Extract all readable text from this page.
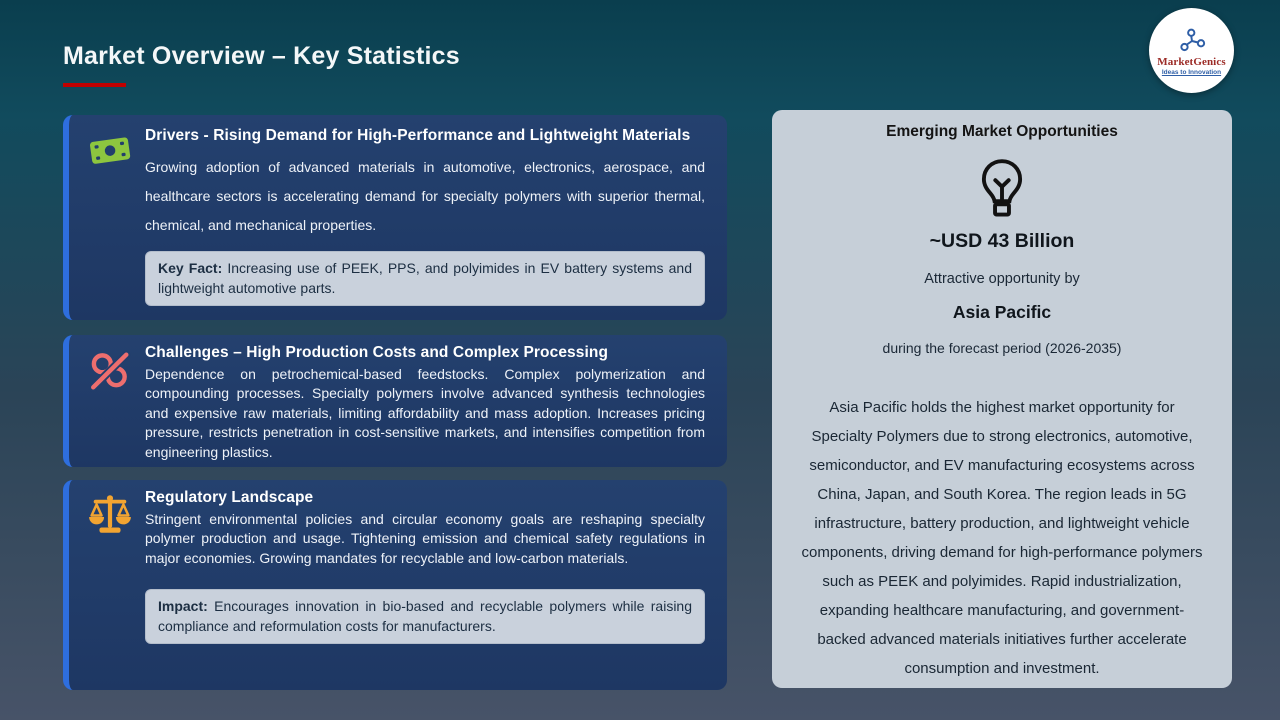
Market Overview – Key Statistics	MarketGenics
Ideas to Innovation
Drivers - Rising Demand for High-Performance and Lightweight Materials
Growing adoption of advanced materials in automotive, electronics, aerospace, and healthcare sectors is accelerating demand for specialty polymers with superior thermal, chemical, and mechanical properties.
Key Fact: Increasing use of PEEK, PPS, and polyimides in EV battery systems and lightweight automotive parts.
Challenges – High Production Costs and Complex Processing
Dependence on petrochemical-based feedstocks. Complex polymerization and compounding processes. Specialty polymers involve advanced synthesis technologies and expensive raw materials, limiting affordability and mass adoption. Increases pricing pressure, restricts penetration in cost-sensitive markets, and intensifies competition from engineering plastics.
Regulatory Landscape
Stringent environmental policies and circular economy goals are reshaping specialty polymer production and usage. Tightening emission and chemical safety regulations in major economies. Growing mandates for recyclable and low-carbon materials.
Impact: Encourages innovation in bio-based and recyclable polymers while raising compliance and reformulation costs for manufacturers.
Emerging Market Opportunities
~USD 43 Billion
Attractive opportunity by
Asia Pacific
during the forecast period (2026-2035)
Asia Pacific holds the highest market opportunity for Specialty Polymers due to strong electronics, automotive, semiconductor, and EV manufacturing ecosystems across China, Japan, and South Korea. The region leads in 5G infrastructure, battery production, and lightweight vehicle components, driving demand for high-performance polymers such as PEEK and polyimides. Rapid industrialization, expanding healthcare manufacturing, and government-backed advanced materials initiatives further accelerate consumption and investment.
